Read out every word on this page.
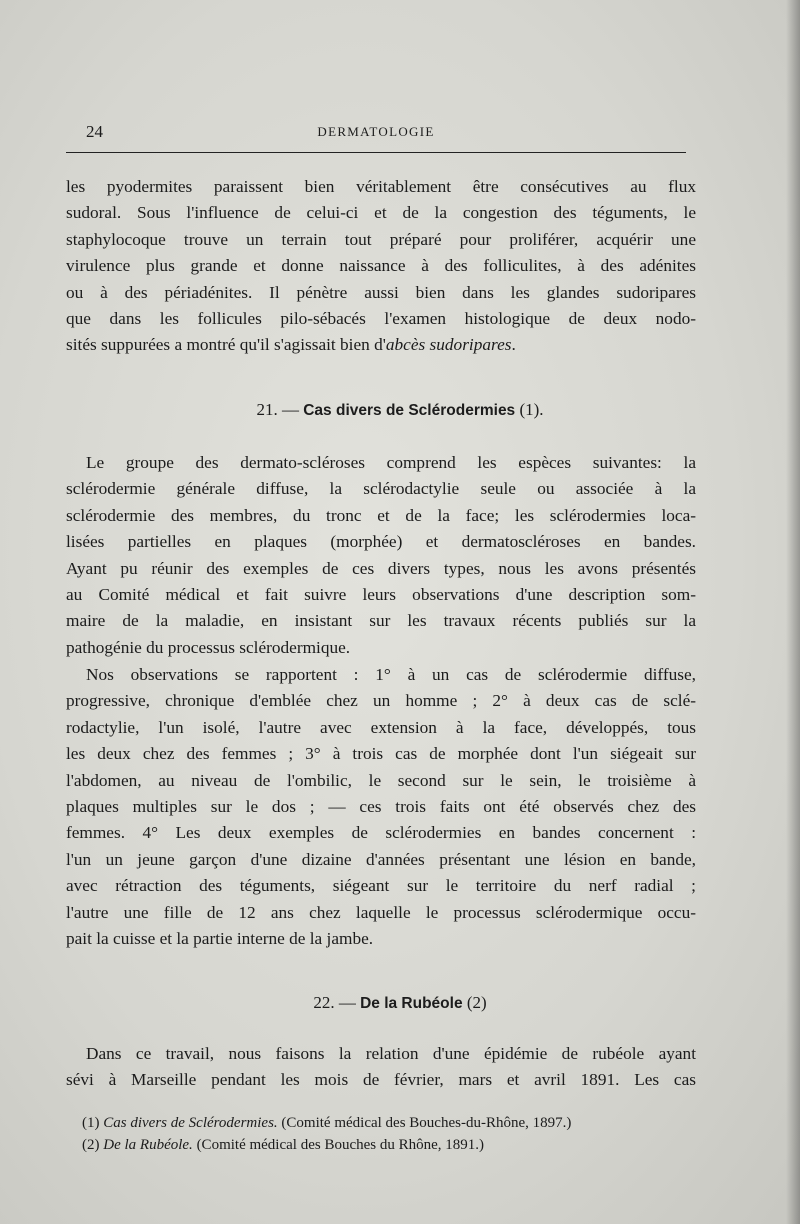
24	DERMATOLOGIE

les pyodermites paraissent bien véritablement être consécutives au flux
sudoral. Sous l'influence de celui-ci et de la congestion des téguments, le
staphylocoque trouve un terrain tout préparé pour proliférer, acquérir une
virulence plus grande et donne naissance à des folliculites, à des adénites
ou à des périadénites. Il pénètre aussi bien dans les glandes sudoripares
que dans les follicules pilo-sébacés l'examen histologique de deux nodo-
sités suppurées a montré qu'il s'agissait bien d'abcès sudoripares.

21. — Cas divers de Sclérodermies (1).

Le groupe des dermato-scléroses comprend les espèces suivantes: la
sclérodermie générale diffuse, la sclérodactylie seule ou associée à la
sclérodermie des membres, du tronc et de la face; les sclérodermies loca-
lisées partielles en plaques (morphée) et dermatoscléroses en bandes.
Ayant pu réunir des exemples de ces divers types, nous les avons présentés
au Comité médical et fait suivre leurs observations d'une description som-
maire de la maladie, en insistant sur les travaux récents publiés sur la
pathogénie du processus sclérodermique.

Nos observations se rapportent : 1° à un cas de sclérodermie diffuse,
progressive, chronique d'emblée chez un homme ; 2° à deux cas de sclé-
rodactylie, l'un isolé, l'autre avec extension à la face, développés, tous
les deux chez des femmes ; 3° à trois cas de morphée dont l'un siégeait sur
l'abdomen, au niveau de l'ombilic, le second sur le sein, le troisième à
plaques multiples sur le dos ; — ces trois faits ont été observés chez des
femmes. 4° Les deux exemples de sclérodermies en bandes concernent :
l'un un jeune garçon d'une dizaine d'années présentant une lésion en bande,
avec rétraction des téguments, siégeant sur le territoire du nerf radial ;
l'autre une fille de 12 ans chez laquelle le processus sclérodermique occu-
pait la cuisse et la partie interne de la jambe.

22. — De la Rubéole (2)

Dans ce travail, nous faisons la relation d'une épidémie de rubéole ayant
sévi à Marseille pendant les mois de février, mars et avril 1891. Les cas

(1) Cas divers de Sclérodermies. (Comité médical des Bouches-du-Rhône, 1897.)
(2) De la Rubéole. (Comité médical des Bouches du Rhône, 1891.)
